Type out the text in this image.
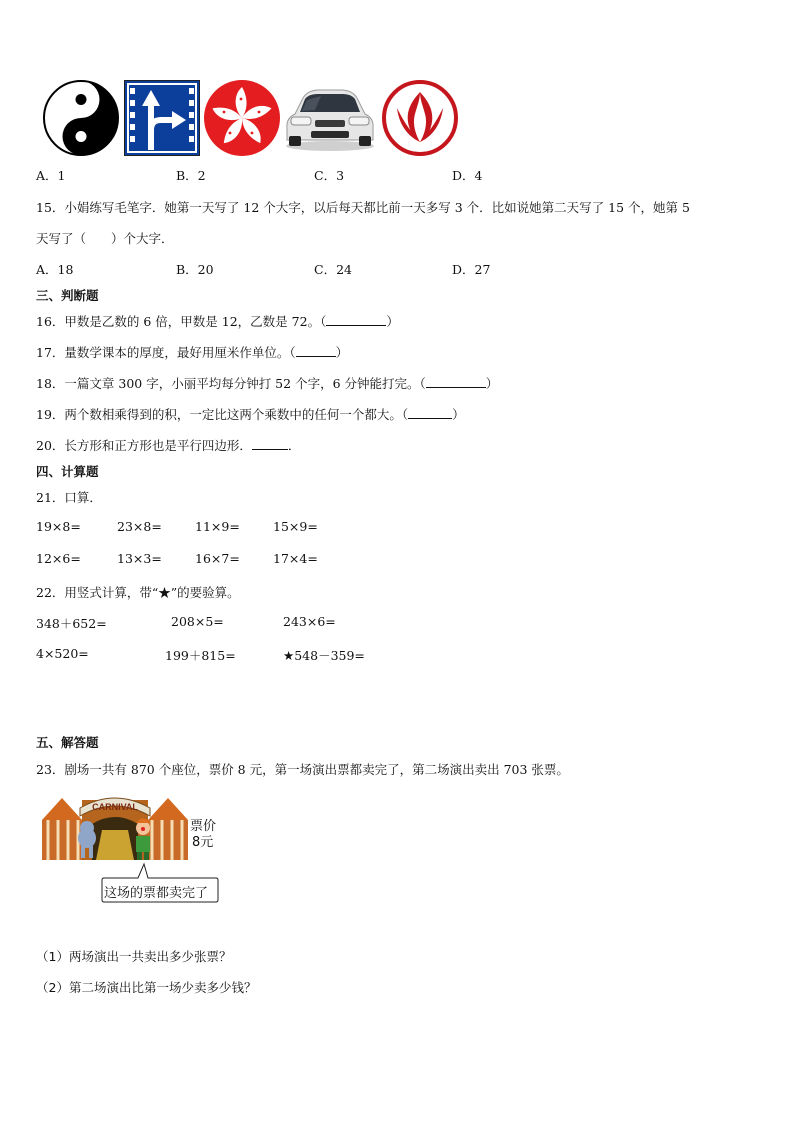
A．1	B．2	C．3	D．4
15．小娟练写毛笔字．她第一天写了 12 个大字，以后每天都比前一天多写 3 个．比如说她第二天写了 15 个，她第 5
天写了（　　）个大字．
A．18	B．20	C．24	D．27
三、判断题
16．甲数是乙数的 6 倍，甲数是 12，乙数是 72。（	）
17．量数学课本的厚度，最好用厘米作单位。（	）
18．一篇文章 300 字，小丽平均每分钟打 52 个字，6 分钟能打完。（	）
19．两个数相乘得到的积，一定比这两个乘数中的任何一个都大。（	）
20．长方形和正方形也是平行四边形．	．
四、计算题
21．口算．
19×8=	23×8=	11×9=	15×9=
12×6=	13×3=	16×7=	17×4=
22．用竖式计算，带“★”的要验算。
348＋652=	208×5=	243×6=
4×520=	199＋815=	★548－359=
五、解答题
23．剧场一共有 870 个座位，票价 8 元，第一场演出票都卖完了，第二场演出卖出 703 张票。
CARNIVAL
票价
8元
这场的票都卖完了
（1）两场演出一共卖出多少张票？
（2）第二场演出比第一场少卖多少钱？
